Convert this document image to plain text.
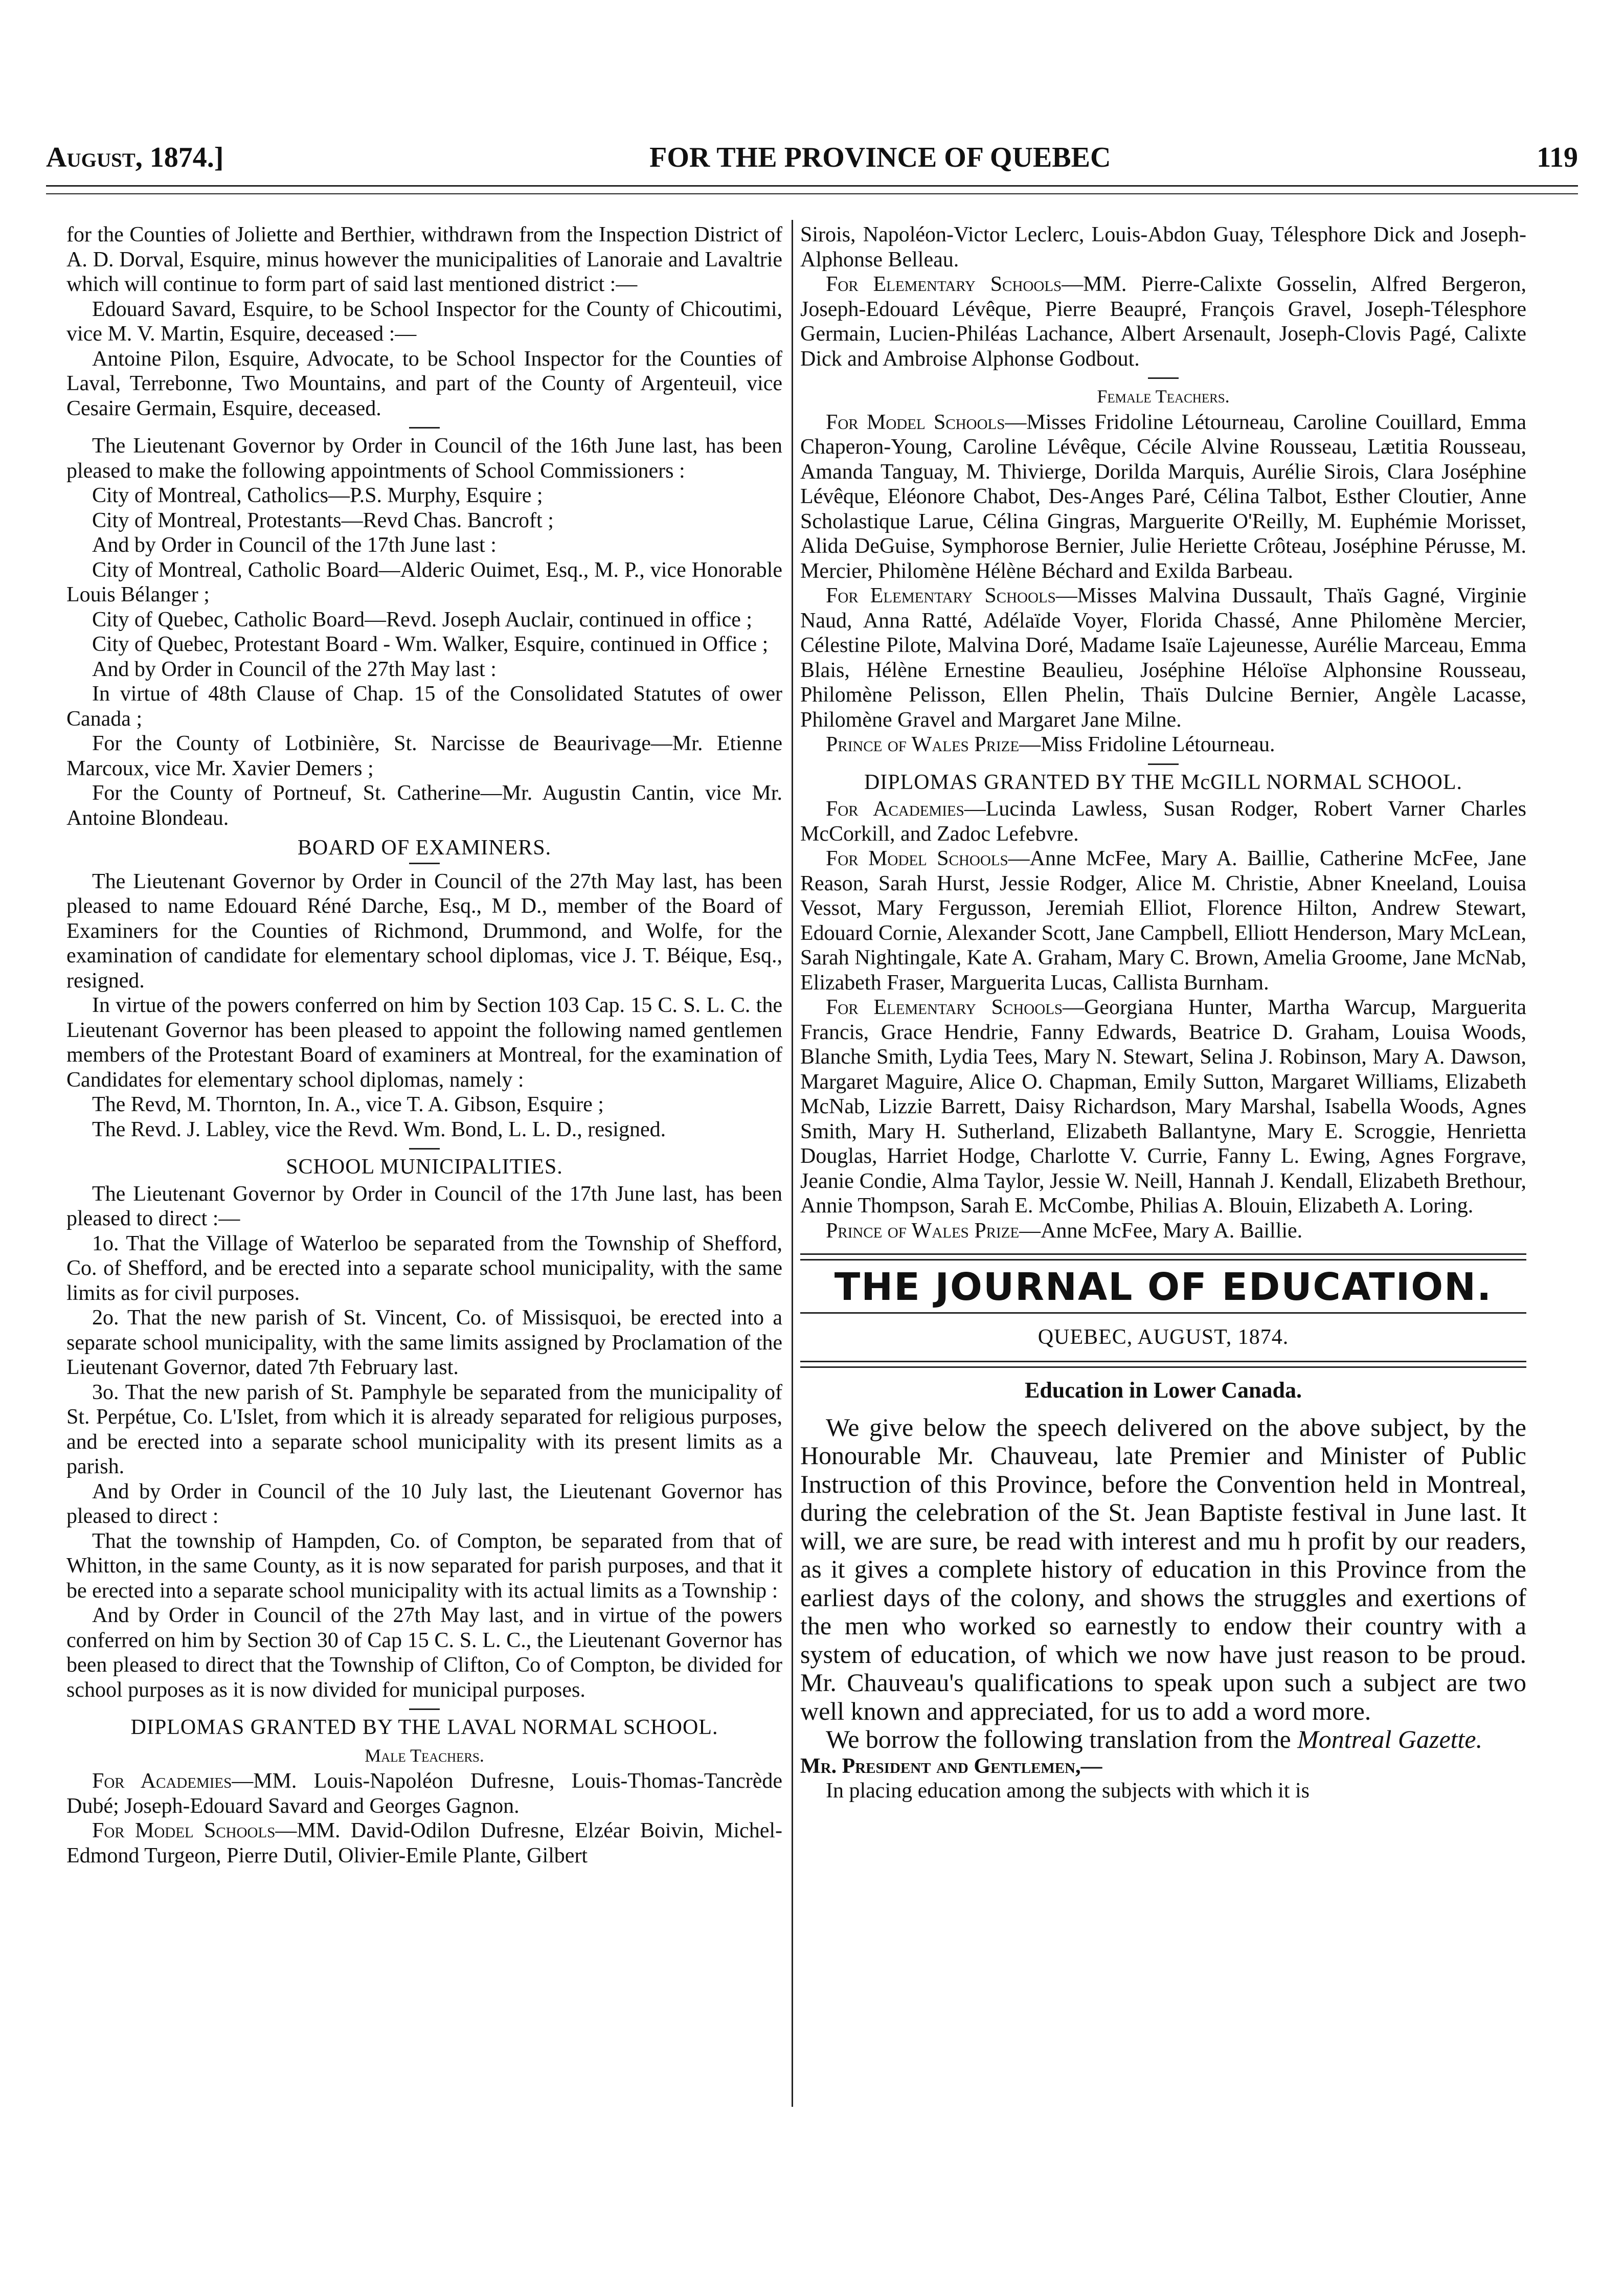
August, 1874.]	FOR THE PROVINCE OF QUEBEC	119

for the Counties of Joliette and Berthier, withdrawn from the Inspection District of A. D. Dorval, Esquire, minus however the municipalities of Lanoraie and Lavaltrie which will continue to form part of said last mentioned district :—

Edouard Savard, Esquire, to be School Inspector for the County of Chicoutimi, vice M. V. Martin, Esquire, deceased :—

Antoine Pilon, Esquire, Advocate, to be School Inspector for the Counties of Laval, Terrebonne, Two Mountains, and part of the County of Argenteuil, vice Cesaire Germain, Esquire, deceased.

The Lieutenant Governor by Order in Council of the 16th June last, has been pleased to make the following appointments of School Commissioners :

City of Montreal, Catholics—P.S. Murphy, Esquire ;

City of Montreal, Protestants—Revd Chas. Bancroft ;

And by Order in Council of the 17th June last :

City of Montreal, Catholic Board—Alderic Ouimet, Esq., M. P., vice Honorable Louis Bélanger ;

City of Quebec, Catholic Board—Revd. Joseph Auclair, continued in office ;

City of Quebec, Protestant Board - Wm. Walker, Esquire, continued in Office ;

And by Order in Council of the 27th May last :

In virtue of 48th Clause of Chap. 15 of the Consolidated Statutes of ower Canada ;

For the County of Lotbinière, St. Narcisse de Beaurivage—Mr. Etienne Marcoux, vice Mr. Xavier Demers ;

For the County of Portneuf, St. Catherine—Mr. Augustin Cantin, vice Mr. Antoine Blondeau.

BOARD OF EXAMINERS.

The Lieutenant Governor by Order in Council of the 27th May last, has been pleased to name Edouard Réné Darche, Esq., M D., member of the Board of Examiners for the Counties of Richmond, Drummond, and Wolfe, for the examination of candidate for elementary school diplomas, vice J. T. Béique, Esq., resigned.

In virtue of the powers conferred on him by Section 103 Cap. 15 C. S. L. C. the Lieutenant Governor has been pleased to appoint the following named gentlemen members of the Protestant Board of examiners at Montreal, for the examination of Candidates for elementary school diplomas, namely :

The Revd, M. Thornton, In. A., vice T. A. Gibson, Esquire ;

The Revd. J. Labley, vice the Revd. Wm. Bond, L. L. D., resigned.

SCHOOL MUNICIPALITIES.

The Lieutenant Governor by Order in Council of the 17th June last, has been pleased to direct :—

1o. That the Village of Waterloo be separated from the Township of Shefford, Co. of Shefford, and be erected into a separate school municipality, with the same limits as for civil purposes.

2o. That the new parish of St. Vincent, Co. of Missisquoi, be erected into a separate school municipality, with the same limits assigned by Proclamation of the Lieutenant Governor, dated 7th February last.

3o. That the new parish of St. Pamphyle be separated from the municipality of St. Perpétue, Co. L'Islet, from which it is already separated for religious purposes, and be erected into a separate school municipality with its present limits as a parish.

And by Order in Council of the 10 July last, the Lieutenant Governor has pleased to direct :

That the township of Hampden, Co. of Compton, be separated from that of Whitton, in the same County, as it is now separated for parish purposes, and that it be erected into a separate school municipality with its actual limits as a Township :

And by Order in Council of the 27th May last, and in virtue of the powers conferred on him by Section 30 of Cap 15 C. S. L. C., the Lieutenant Governor has been pleased to direct that the Township of Clifton, Co of Compton, be divided for school purposes as it is now divided for municipal purposes.

DIPLOMAS GRANTED BY THE LAVAL NORMAL SCHOOL.
Male Teachers.

For Academies—MM. Louis-Napoléon Dufresne, Louis-Thomas-Tancrède Dubé; Joseph-Edouard Savard and Georges Gagnon.

For Model Schools—MM. David-Odilon Dufresne, Elzéar Boivin, Michel-Edmond Turgeon, Pierre Dutil, Olivier-Emile Plante, Gilbert

Sirois, Napoléon-Victor Leclerc, Louis-Abdon Guay, Télesphore Dick and Joseph-Alphonse Belleau.

For Elementary Schools—MM. Pierre-Calixte Gosselin, Alfred Bergeron, Joseph-Edouard Lévêque, Pierre Beaupré, François Gravel, Joseph-Télesphore Germain, Lucien-Philéas Lachance, Albert Arsenault, Joseph-Clovis Pagé, Calixte Dick and Ambroise Alphonse Godbout.

Female Teachers.

For Model Schools—Misses Fridoline Létourneau, Caroline Couillard, Emma Chaperon-Young, Caroline Lévêque, Cécile Alvine Rousseau, Lætitia Rousseau, Amanda Tanguay, M. Thivierge, Dorilda Marquis, Aurélie Sirois, Clara Joséphine Lévêque, Eléonore Chabot, Des-Anges Paré, Célina Talbot, Esther Cloutier, Anne Scholastique Larue, Célina Gingras, Marguerite O'Reilly, M. Euphémie Morisset, Alida DeGuise, Symphorose Bernier, Julie Heriette Crôteau, Joséphine Pérusse, M. Mercier, Philomène Hélène Béchard and Exilda Barbeau.

For Elementary Schools—Misses Malvina Dussault, Thaïs Gagné, Virginie Naud, Anna Ratté, Adélaïde Voyer, Florida Chassé, Anne Philomène Mercier, Célestine Pilote, Malvina Doré, Madame Isaïe Lajeunesse, Aurélie Marceau, Emma Blais, Hélène Ernestine Beaulieu, Joséphine Héloïse Alphonsine Rousseau, Philomène Pelisson, Ellen Phelin, Thaïs Dulcine Bernier, Angèle Lacasse, Philomène Gravel and Margaret Jane Milne.

Prince of Wales Prize—Miss Fridoline Létourneau.

DIPLOMAS GRANTED BY THE McGILL NORMAL SCHOOL.

For Academies—Lucinda Lawless, Susan Rodger, Robert Varner Charles McCorkill, and Zadoc Lefebvre.

For Model Schools—Anne McFee, Mary A. Baillie, Catherine McFee, Jane Reason, Sarah Hurst, Jessie Rodger, Alice M. Christie, Abner Kneeland, Louisa Vessot, Mary Fergusson, Jeremiah Elliot, Florence Hilton, Andrew Stewart, Edouard Cornie, Alexander Scott, Jane Campbell, Elliott Henderson, Mary McLean, Sarah Nightingale, Kate A. Graham, Mary C. Brown, Amelia Groome, Jane McNab, Elizabeth Fraser, Marguerita Lucas, Callista Burnham.

For Elementary Schools—Georgiana Hunter, Martha Warcup, Marguerita Francis, Grace Hendrie, Fanny Edwards, Beatrice D. Graham, Louisa Woods, Blanche Smith, Lydia Tees, Mary N. Stewart, Selina J. Robinson, Mary A. Dawson, Margaret Maguire, Alice O. Chapman, Emily Sutton, Margaret Williams, Elizabeth McNab, Lizzie Barrett, Daisy Richardson, Mary Marshal, Isabella Woods, Agnes Smith, Mary H. Sutherland, Elizabeth Ballantyne, Mary E. Scroggie, Henrietta Douglas, Harriet Hodge, Charlotte V. Currie, Fanny L. Ewing, Agnes Forgrave, Jeanie Condie, Alma Taylor, Jessie W. Neill, Hannah J. Kendall, Elizabeth Brethour, Annie Thompson, Sarah E. McCombe, Philias A. Blouin, Elizabeth A. Loring.

Prince of Wales Prize—Anne McFee, Mary A. Baillie.

THE JOURNAL OF EDUCATION.
QUEBEC, AUGUST, 1874.
Education in Lower Canada.

We give below the speech delivered on the above subject, by the Honourable Mr. Chauveau, late Premier and Minister of Public Instruction of this Province, before the Convention held in Montreal, during the celebration of the St. Jean Baptiste festival in June last. It will, we are sure, be read with interest and mu h profit by our readers, as it gives a complete history of education in this Province from the earliest days of the colony, and shows the struggles and exertions of the men who worked so earnestly to endow their country with a system of education, of which we now have just reason to be proud. Mr. Chauveau's qualifications to speak upon such a subject are two well known and appreciated, for us to add a word more.

We borrow the following translation from the Montreal Gazette.

Mr. President and Gentlemen,—

In placing education among the subjects with which it is
